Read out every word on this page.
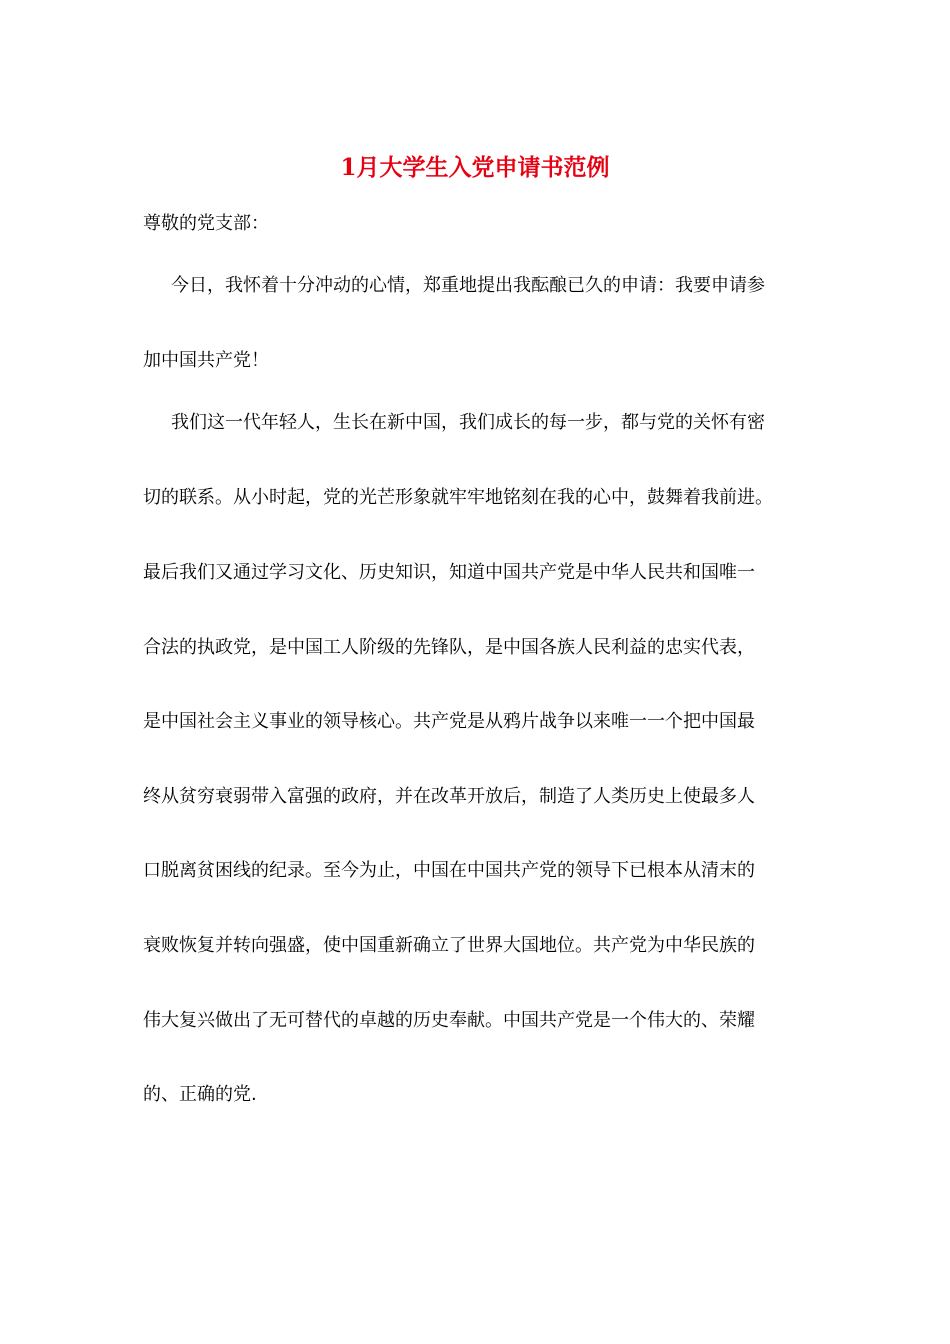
1月大学生入党申请书范例

尊敬的党支部：

今日，我怀着十分冲动的心情，郑重地提出我酝酿已久的申请：我要申请参

加中国共产党！

我们这一代年轻人，生长在新中国，我们成长的每一步，都与党的关怀有密

切的联系。从小时起，党的光芒形象就牢牢地铭刻在我的心中，鼓舞着我前进。

最后我们又通过学习文化、历史知识，知道中国共产党是中华人民共和国唯一

合法的执政党，是中国工人阶级的先锋队，是中国各族人民利益的忠实代表，

是中国社会主义事业的领导核心。共产党是从鸦片战争以来唯一一个把中国最

终从贫穷衰弱带入富强的政府，并在改革开放后，制造了人类历史上使最多人

口脱离贫困线的纪录。至今为止，中国在中国共产党的领导下已根本从清末的

衰败恢复并转向强盛，使中国重新确立了世界大国地位。共产党为中华民族的

伟大复兴做出了无可替代的卓越的历史奉献。中国共产党是一个伟大的、荣耀

的、正确的党.
